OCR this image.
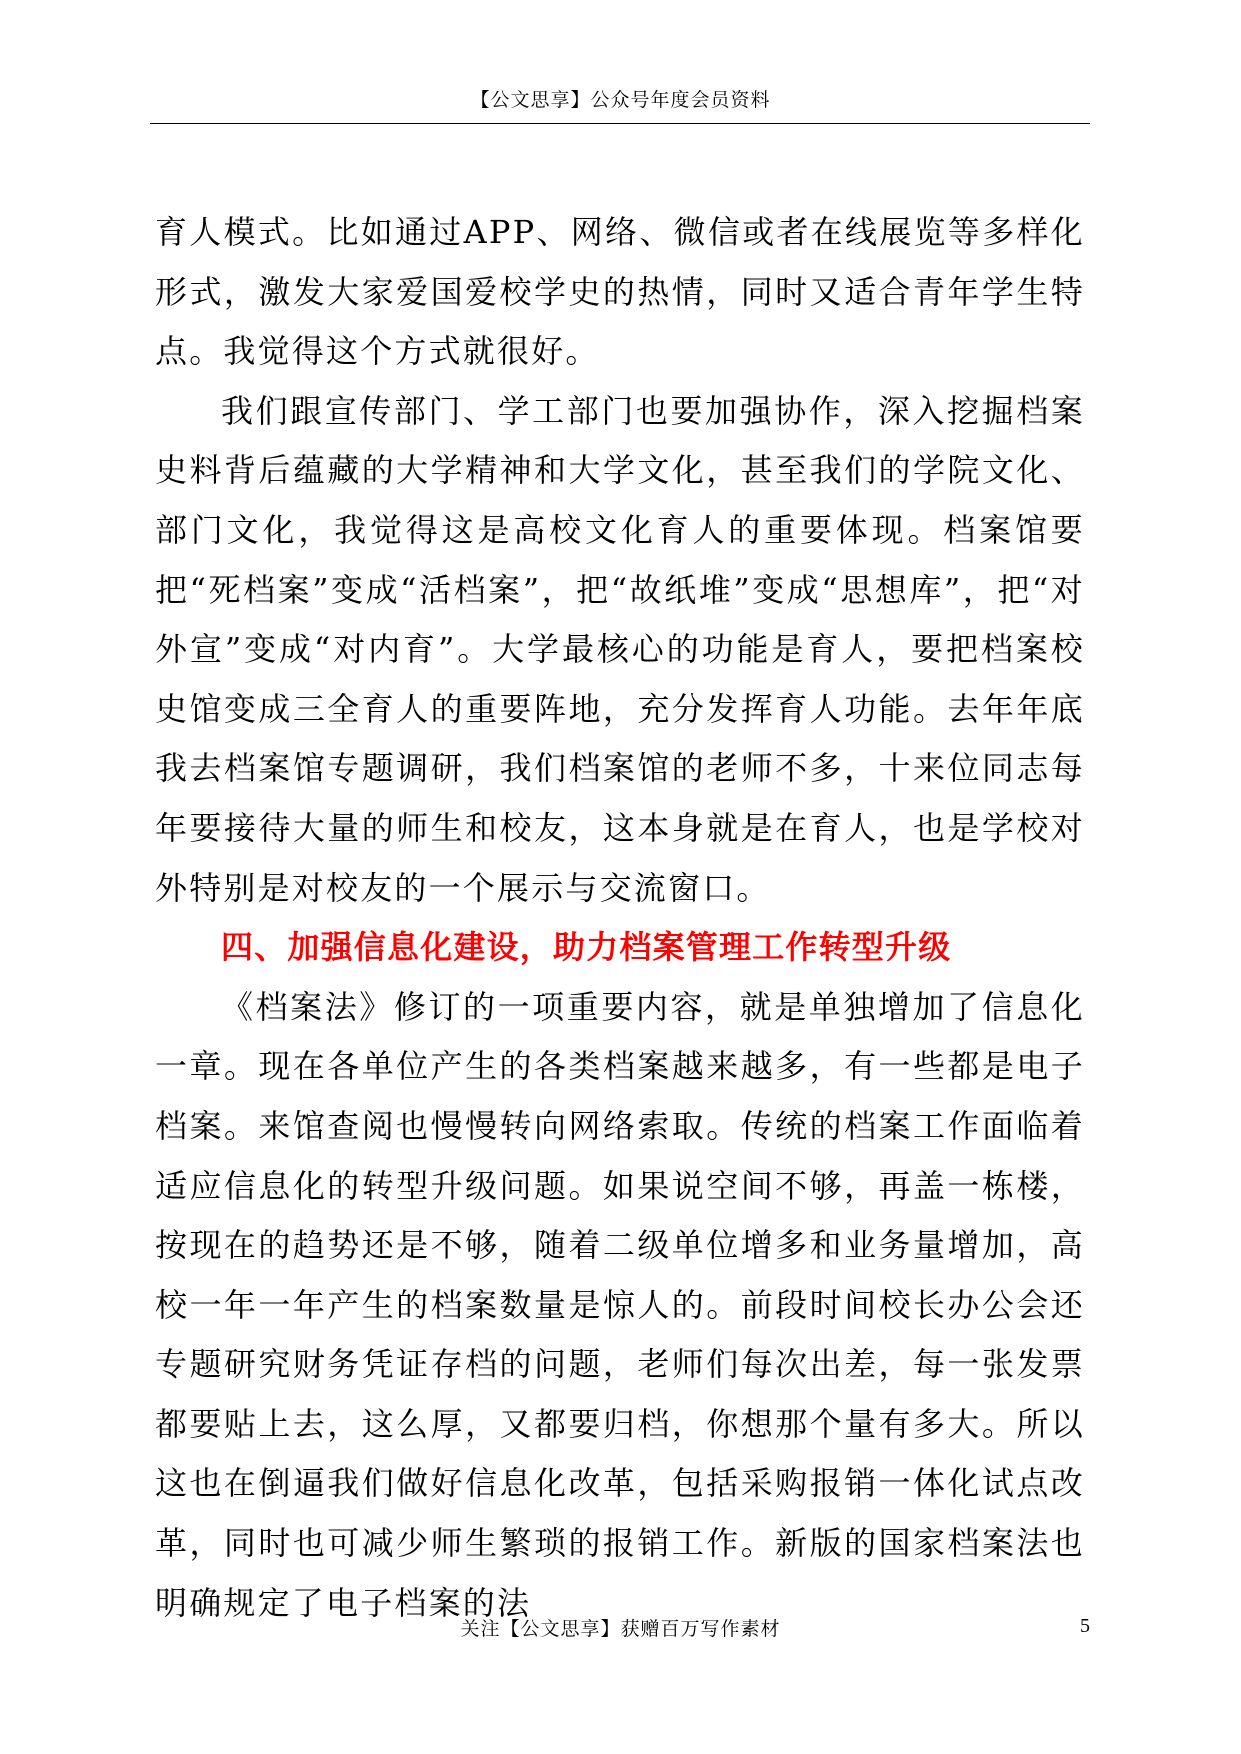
【公文思享】公众号年度会员资料

育人模式。比如通过APP、网络、微信或者在线展览等多样化形式，激发大家爱国爱校学史的热情，同时又适合青年学生特点。我觉得这个方式就很好。

我们跟宣传部门、学工部门也要加强协作，深入挖掘档案史料背后蕴藏的大学精神和大学文化，甚至我们的学院文化、部门文化，我觉得这是高校文化育人的重要体现。档案馆要把“死档案”变成“活档案”，把“故纸堆”变成“思想库”，把“对外宣”变成“对内育”。大学最核心的功能是育人，要把档案校史馆变成三全育人的重要阵地，充分发挥育人功能。去年年底我去档案馆专题调研，我们档案馆的老师不多，十来位同志每年要接待大量的师生和校友，这本身就是在育人，也是学校对外特别是对校友的一个展示与交流窗口。

四、加强信息化建设，助力档案管理工作转型升级

《档案法》修订的一项重要内容，就是单独增加了信息化一章。现在各单位产生的各类档案越来越多，有一些都是电子档案。来馆查阅也慢慢转向网络索取。传统的档案工作面临着适应信息化的转型升级问题。如果说空间不够，再盖一栋楼，按现在的趋势还是不够，随着二级单位增多和业务量增加，高校一年一年产生的档案数量是惊人的。前段时间校长办公会还专题研究财务凭证存档的问题，老师们每次出差，每一张发票都要贴上去，这么厚，又都要归档，你想那个量有多大。所以这也在倒逼我们做好信息化改革，包括采购报销一体化试点改革，同时也可减少师生繁琐的报销工作。新版的国家档案法也明确规定了电子档案的法

关注【公文思享】获赠百万写作素材	5
